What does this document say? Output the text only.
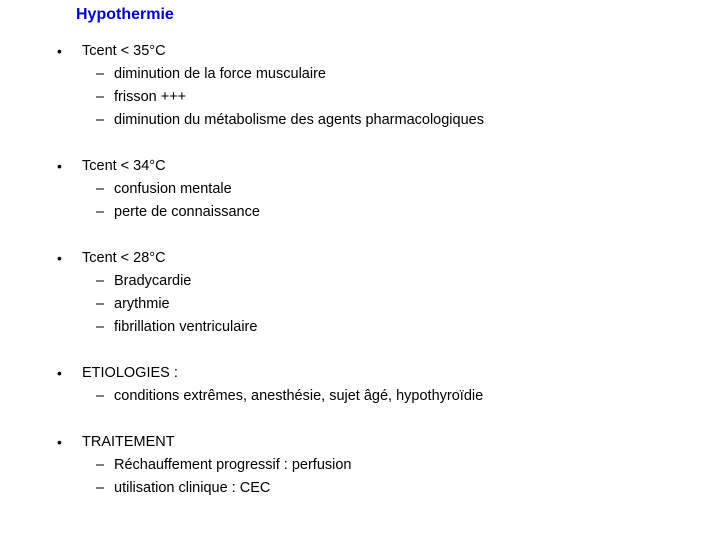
Hypothermie
• Tcent < 35°C
– diminution de la force musculaire
– frisson +++
– diminution du métabolisme des agents pharmacologiques
• Tcent < 34°C
– confusion mentale
– perte de connaissance
• Tcent < 28°C
– Bradycardie
– arythmie
– fibrillation ventriculaire
• ETIOLOGIES :
– conditions extrêmes, anesthésie, sujet âgé, hypothyroïdie
• TRAITEMENT
– Réchauffement progressif : perfusion
– utilisation clinique : CEC
